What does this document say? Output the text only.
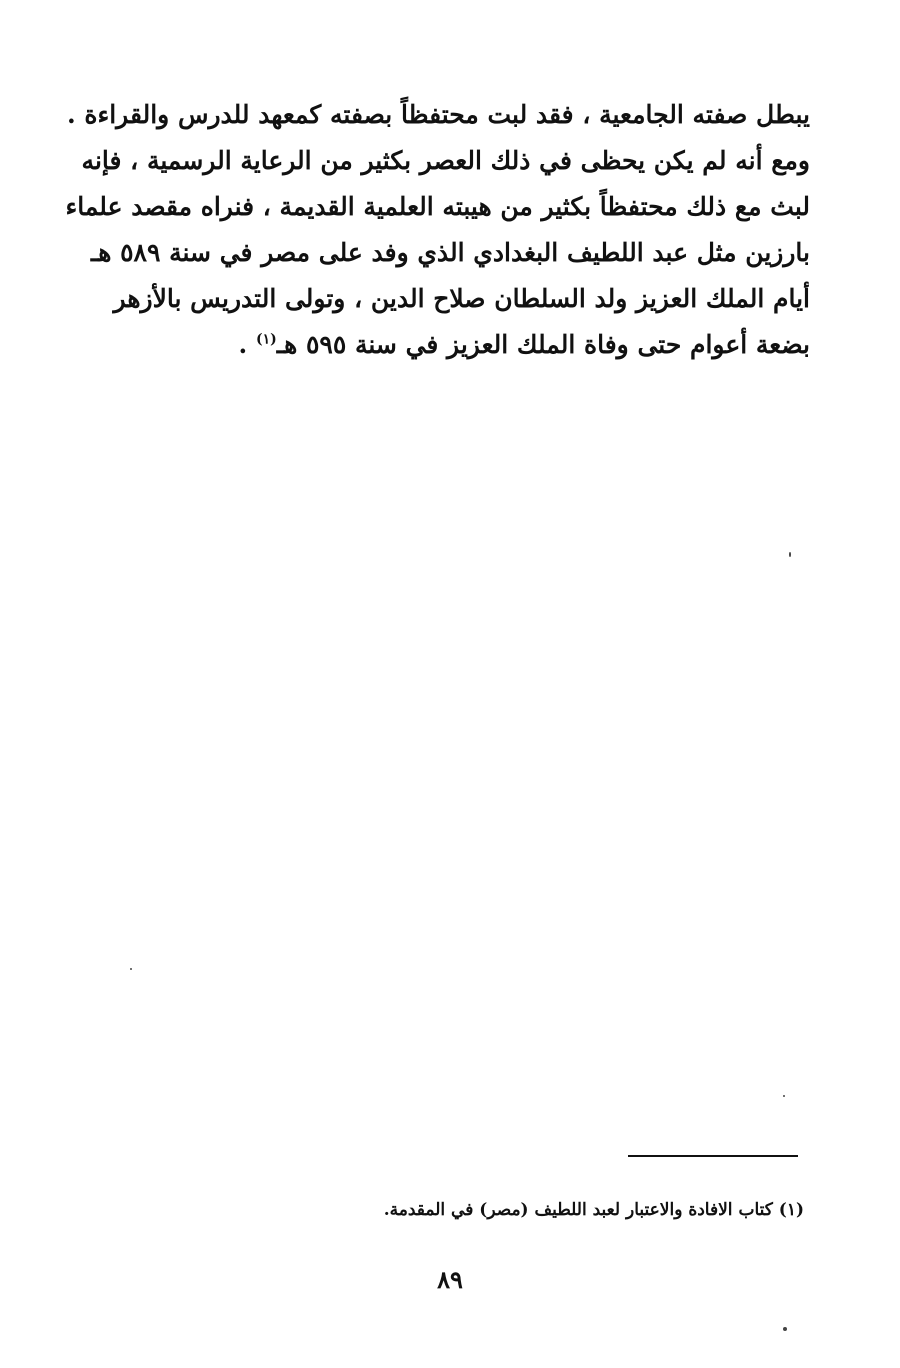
يبطل صفته الجامعية ، فقد لبت محتفظاً بصفته كمعهد للدرس والقراءة .
ومع أنه لم يكن يحظى في ذلك العصر بكثير من الرعاية الرسمية ، فإنه
لبث مع ذلك محتفظاً بكثير من هيبته العلمية القديمة ، فنراه مقصد علماء
بارزين مثل عبد اللطيف البغدادي الذي وفد على مصر في سنة ٥٨٩ هـ
أيام الملك العزيز ولد السلطان صلاح الدين ، وتولى التدريس بالأزهر
بضعة أعوام حتى وفاة الملك العزيز في سنة ٥٩٥ هـ$^{(١)}$ .
(١) كتاب الافادة والاعتبار لعبد اللطيف (مصر) في المقدمة.
٨٩
